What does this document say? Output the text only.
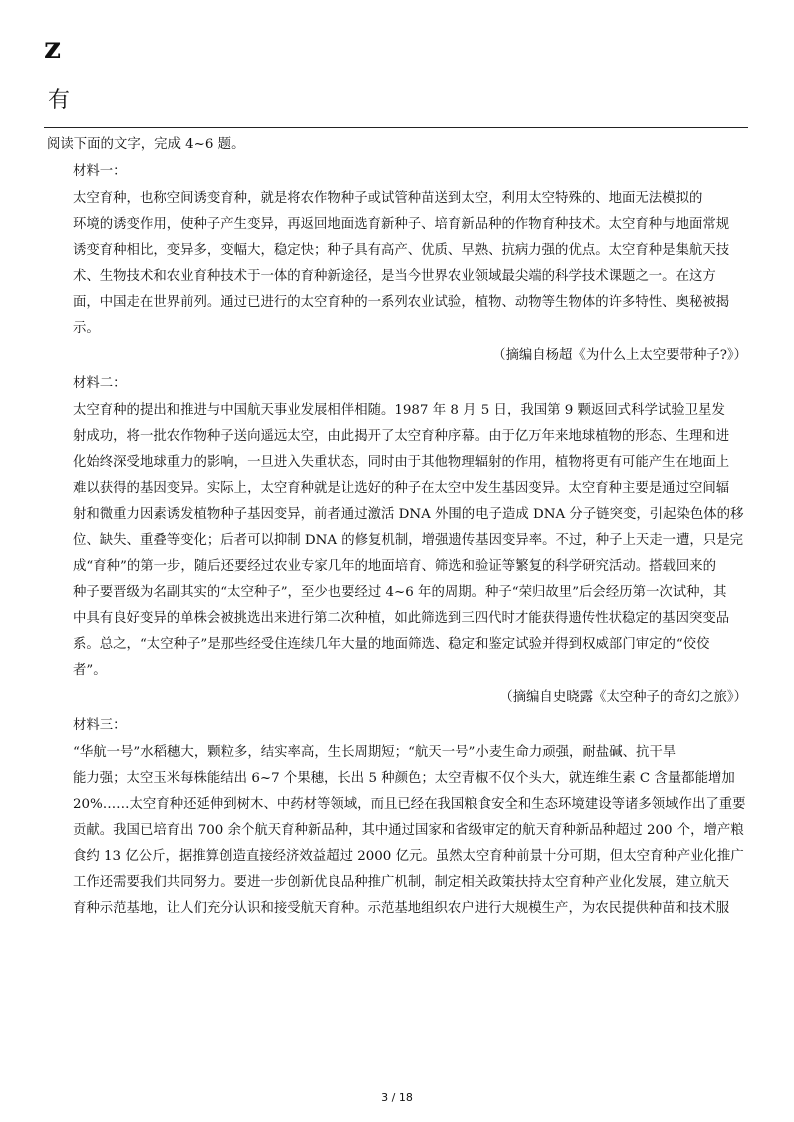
z
有

阅读下面的文字，完成 4~6 题。

材料一：

太空育种，也称空间诱变育种，就是将农作物种子或试管种苗送到太空，利用太空特殊的、地面无法模拟的
环境的诱变作用，使种子产生变异，再返回地面选育新种子、培育新品种的作物育种技术。太空育种与地面常规
诱变育种相比，变异多，变幅大，稳定快；种子具有高产、优质、早熟、抗病力强的优点。太空育种是集航天技
术、生物技术和农业育种技术于一体的育种新途径，是当今世界农业领域最尖端的科学技术课题之一。在这方
面，中国走在世界前列。通过已进行的太空育种的一系列农业试验，植物、动物等生物体的许多特性、奥秘被揭
示。

（摘编自杨超《为什么上太空要带种子?》）

材料二：

太空育种的提出和推进与中国航天事业发展相伴相随。1987 年 8 月 5 日，我国第 9 颗返回式科学试验卫星发
射成功，将一批农作物种子送向遥远太空，由此揭开了太空育种序幕。由于亿万年来地球植物的形态、生理和进
化始终深受地球重力的影响，一旦进入失重状态，同时由于其他物理辐射的作用，植物将更有可能产生在地面上
难以获得的基因变异。实际上，太空育种就是让选好的种子在太空中发生基因变异。太空育种主要是通过空间辐
射和微重力因素诱发植物种子基因变异，前者通过激活 DNA 外围的电子造成 DNA 分子链突变，引起染色体的移
位、缺失、重叠等变化；后者可以抑制 DNA 的修复机制，增强遗传基因变异率。不过，种子上天走一遭，只是完
成“育种”的第一步，随后还要经过农业专家几年的地面培育、筛选和验证等繁复的科学研究活动。搭载回来的
种子要晋级为名副其实的“太空种子”，至少也要经过 4~6 年的周期。种子“荣归故里”后会经历第一次试种，其
中具有良好变异的单株会被挑选出来进行第二次种植，如此筛选到三四代时才能获得遗传性状稳定的基因突变品
系。总之，“太空种子”是那些经受住连续几年大量的地面筛选、稳定和鉴定试验并得到权威部门审定的“佼佼
者”。

（摘编自史晓露《太空种子的奇幻之旅》）

材料三：

“华航一号”水稻穗大，颗粒多，结实率高，生长周期短；“航天一号”小麦生命力顽强，耐盐碱、抗干旱
能力强；太空玉米每株能结出 6~7 个果穗，长出 5 种颜色；太空青椒不仅个头大，就连维生素 C 含量都能增加
20%……太空育种还延伸到树木、中药材等领域，而且已经在我国粮食安全和生态环境建设等诸多领域作出了重要
贡献。我国已培育出 700 余个航天育种新品种，其中通过国家和省级审定的航天育种新品种超过 200 个，增产粮
食约 13 亿公斤，据推算创造直接经济效益超过 2000 亿元。虽然太空育种前景十分可期，但太空育种产业化推广
工作还需要我们共同努力。要进一步创新优良品种推广机制，制定相关政策扶持太空育种产业化发展，建立航天
育种示范基地，让人们充分认识和接受航天育种。示范基地组织农户进行大规模生产，为农民提供种苗和技术服
3 / 18
